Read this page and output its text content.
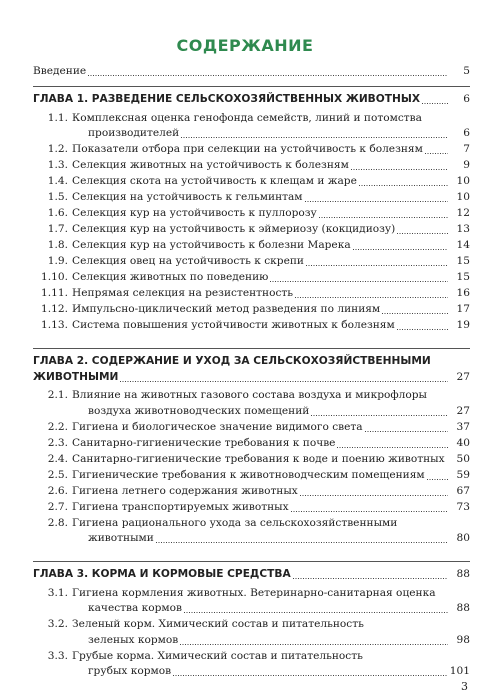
СОДЕРЖАНИЕ
Введение	5
ГЛАВА 1. РАЗВЕДЕНИЕ СЕЛЬСКОХОЗЯЙСТВЕННЫХ ЖИВОТНЫХ	6
1.1. Комплексная оценка генофонда семейств, линий и потомства
производителей	6
1.2. Показатели отбора при селекции на устойчивость к болезням	7
1.3. Селекция животных на устойчивость к болезням	9
1.4. Селекция скота на устойчивость к клещам и жаре	10
1.5. Селекция на устойчивость к гельминтам	10
1.6. Селекция кур на устойчивость к пуллорозу	12
1.7. Селекция кур на устойчивость к эймериозу (кокцидиозу)	13
1.8. Селекция кур на устойчивость к болезни Марека	14
1.9. Селекция овец на устойчивость к скрепи	15
1.10. Селекция животных по поведению	15
1.11. Непрямая селекция на резистентность	16
1.12. Импульсно-циклический метод разведения по линиям	17
1.13. Система повышения устойчивости животных к болезням	19
ГЛАВА 2. СОДЕРЖАНИЕ И УХОД ЗА СЕЛЬСКОХОЗЯЙСТВЕННЫМИ
ЖИВОТНЫМИ	27
2.1. Влияние на животных газового состава воздуха и микрофлоры
воздуха животноводческих помещений	27
2.2. Гигиена и биологическое значение видимого света	37
2.3. Санитарно-гигиенические требования к почве	40
2.4. Санитарно-гигиенические требования к воде и поению животных	50
2.5. Гигиенические требования к животноводческим помещениям	59
2.6. Гигиена летнего содержания животных	67
2.7. Гигиена транспортируемых животных	73
2.8. Гигиена рационального ухода за сельскохозяйственными
животными	80
ГЛАВА 3. КОРМА И КОРМОВЫЕ СРЕДСТВА	88
3.1. Гигиена кормления животных. Ветеринарно-санитарная оценка
качества кормов	88
3.2. Зеленый корм. Химический состав и питательность
зеленых кормов	98
3.3. Грубые корма. Химический состав и питательность
грубых кормов	101
3
